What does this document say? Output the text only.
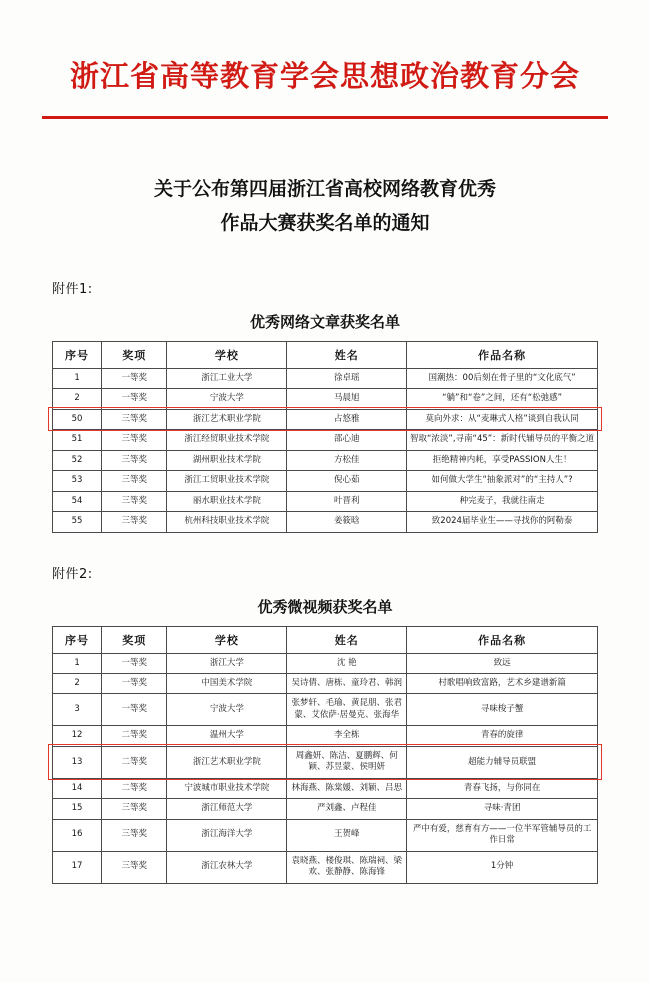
浙江省高等教育学会思想政治教育分会
关于公布第四届浙江省高校网络教育优秀
作品大赛获奖名单的通知
附件1:
优秀网络文章获奖名单
序号	奖项	学校	姓名	作品名称
1	一等奖	浙江工业大学	徐卓瑶	国潮热：00后刻在骨子里的“文化底气”
2	一等奖	宁波大学	马晨旭	“躺”和“卷”之间，还有“松弛感”
50	三等奖	浙江艺术职业学院	占悠雅	莫向外求：从“麦琳式人格”谈到自我认同
51	三等奖	浙江经贸职业技术学院	邵心迪	智取“浓淡”,寻南“45”：新时代辅导员的平衡之道
52	三等奖	湖州职业技术学院	方松佳	拒绝精神内耗，享受PASSION人生！
53	三等奖	浙江工贸职业技术学院	倪心茹	如何做大学生“抽象派对”的“主持人”?
54	三等奖	丽水职业技术学院	叶晋利	种完麦子，我就往南走
55	三等奖	杭州科技职业技术学院	姜筱晗	致2024届毕业生——寻找你的阿勒泰
附件2:
优秀微视频获奖名单
序号	奖项	学校	姓名	作品名称
1	一等奖	浙江大学	沈 艳	致远
2	一等奖	中国美术学院	吴诗倩、唐栋、童玲君、韩润	村歌唱响致富路，艺术乡建谱新篇
3	一等奖	宁波大学	张梦轩、毛瑜、黄昆朋、张君蒙、艾依萨·居曼克、张海华	寻味梭子蟹
12	二等奖	温州大学	李全栋	青春的旋律
13	二等奖	浙江艺术职业学院	周鑫妍、陈洁、夏鹏辉、何颖、苏昱蒙、侯明妍	超能力辅导员联盟
14	二等奖	宁波城市职业技术学院	林海燕、陈棠媛、刘颖、吕思	青春飞扬，与你同在
15	三等奖	浙江师范大学	严刘鑫、卢程佳	寻味·青团
16	三等奖	浙江海洋大学	王贺峰	严中有爱，慈育有方——一位半军管辅导员的工作日常
17	三等奖	浙江农林大学	袁晓燕、楼俊琪、陈瑞祠、梁欢、张静静、陈海锋	1分钟
